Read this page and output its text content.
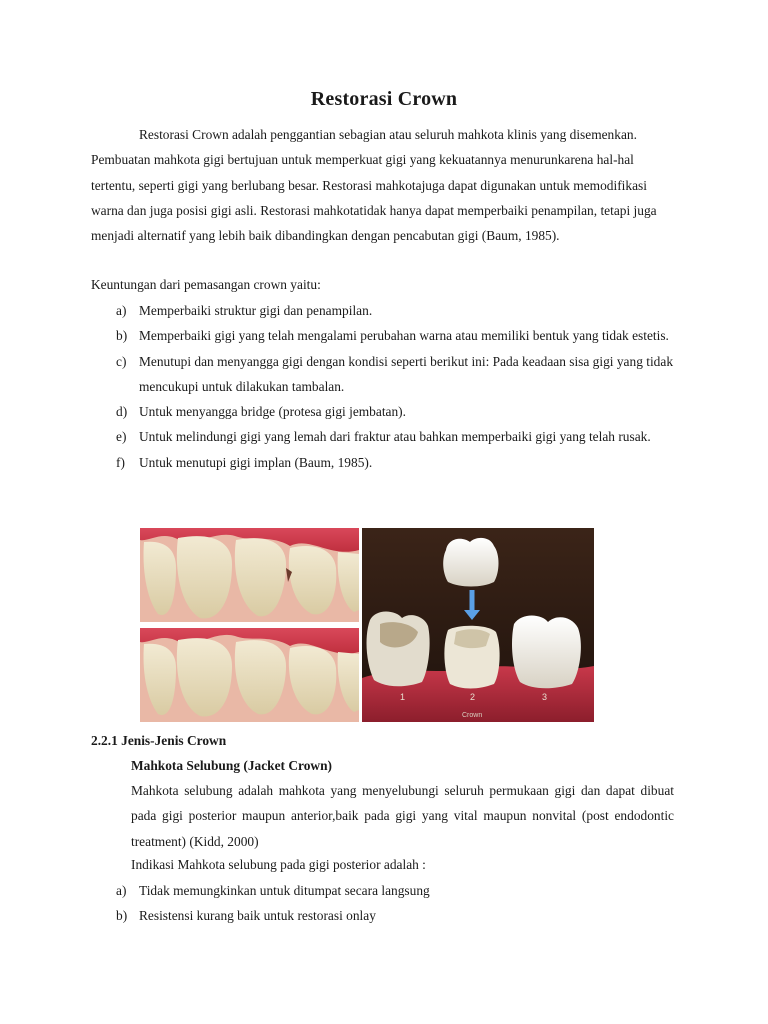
Restorasi Crown

Restorasi Crown adalah penggantian sebagian atau seluruh mahkota klinis yang disemenkan. Pembuatan mahkota gigi bertujuan untuk memperkuat gigi yang kekuatannya menurunkarena hal-hal tertentu, seperti gigi yang berlubang besar. Restorasi mahkotajuga dapat digunakan untuk memodifikasi warna dan juga posisi gigi asli. Restorasi mahkotatidak hanya dapat memperbaiki penampilan, tetapi juga menjadi alternatif yang lebih baik dibandingkan dengan pencabutan gigi (Baum, 1985).

Keuntungan dari pemasangan crown yaitu:
a) Memperbaiki struktur gigi dan penampilan.
b) Memperbaiki gigi yang telah mengalami perubahan warna atau memiliki bentuk yang tidak estetis.
c) Menutupi dan menyangga gigi dengan kondisi seperti berikut ini: Pada keadaan sisa gigi yang tidak mencukupi untuk dilakukan tambalan.
d) Untuk menyangga bridge (protesa gigi jembatan).
e) Untuk melindungi gigi yang lemah dari fraktur atau bahkan memperbaiki gigi yang telah rusak.
f) Untuk menutupi gigi implan (Baum, 1985).
1	2	3
Crown
2.2.1 Jenis-Jenis Crown
Mahkota Selubung (Jacket Crown)

Mahkota selubung adalah mahkota yang menyelubungi seluruh permukaan gigi dan dapat dibuat pada gigi posterior maupun anterior,baik pada gigi yang vital maupun nonvital (post endodontic treatment) (Kidd, 2000)

Indikasi Mahkota selubung pada gigi posterior adalah :
a) Tidak memungkinkan untuk ditumpat secara langsung
b) Resistensi kurang baik untuk restorasi onlay
